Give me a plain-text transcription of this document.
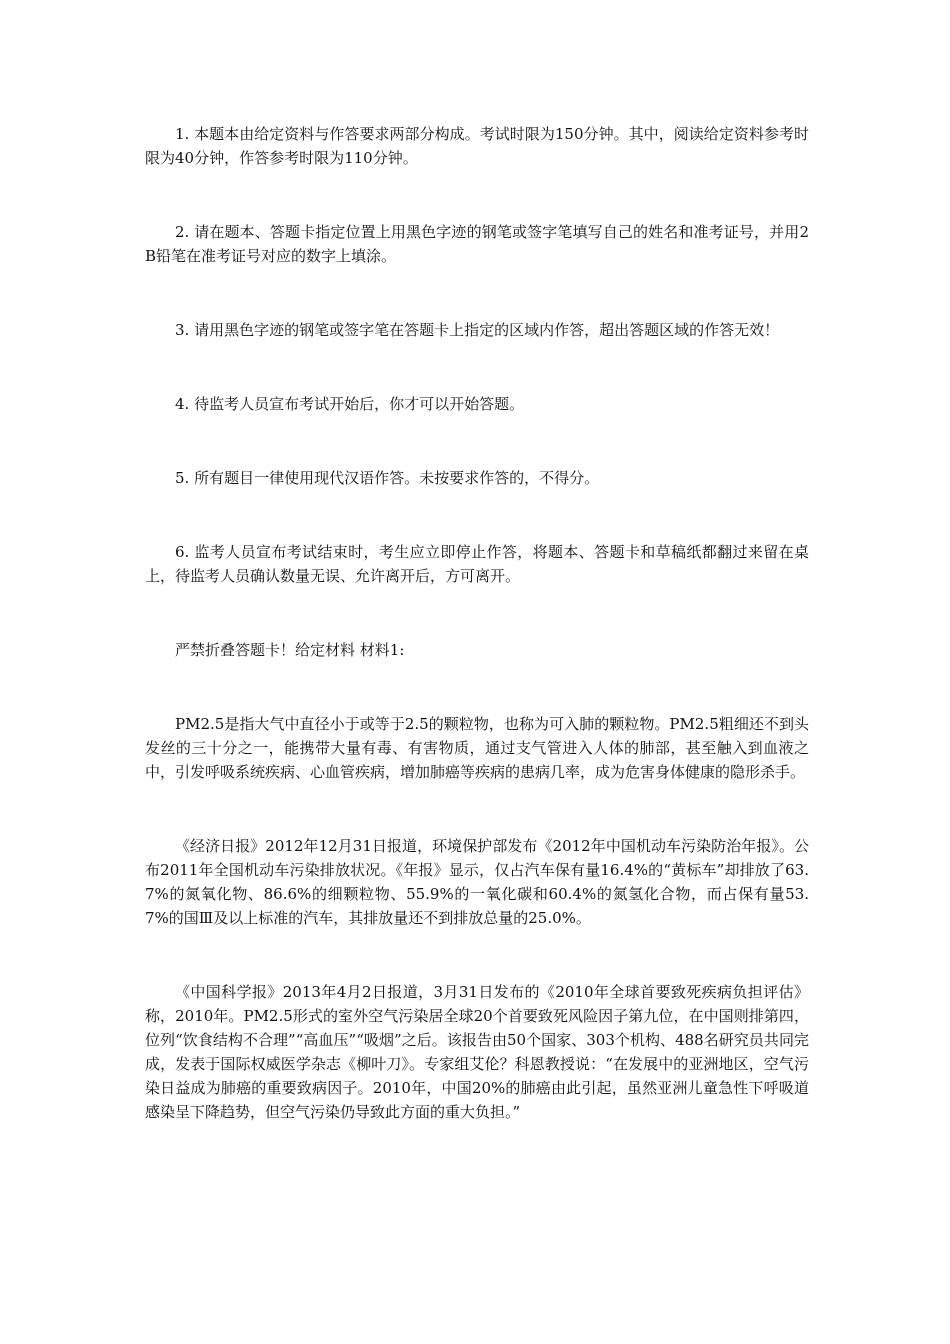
1. 本题本由给定资料与作答要求两部分构成。考试时限为150分钟。其中，阅读给定资料参考时限为40分钟，作答参考时限为110分钟。

2. 请在题本、答题卡指定位置上用黑色字迹的钢笔或签字笔填写自己的姓名和准考证号，并用2B铅笔在准考证号对应的数字上填涂。

3. 请用黑色字迹的钢笔或签字笔在答题卡上指定的区域内作答，超出答题区域的作答无效！

4. 待监考人员宣布考试开始后，你才可以开始答题。

5. 所有题目一律使用现代汉语作答。未按要求作答的，不得分。

6. 监考人员宣布考试结束时，考生应立即停止作答，将题本、答题卡和草稿纸都翻过来留在桌上，待监考人员确认数量无误、允许离开后，方可离开。

严禁折叠答题卡！给定材料 材料1:

PM2.5是指大气中直径小于或等于2.5的颗粒物，也称为可入肺的颗粒物。PM2.5粗细还不到头发丝的三十分之一，能携带大量有毒、有害物质，通过支气管进入人体的肺部，甚至触入到血液之中，引发呼吸系统疾病、心血管疾病，增加肺癌等疾病的患病几率，成为危害身体健康的隐形杀手。

《经济日报》2012年12月31日报道，环境保护部发布《2012年中国机动车污染防治年报》。公布2011年全国机动车污染排放状况。《年报》显示，仅占汽车保有量16.4%的“黄标车”却排放了63.7%的氮氧化物、86.6%的细颗粒物、55.9%的一氧化碳和60.4%的氮氢化合物，而占保有量53.7%的国Ⅲ及以上标准的汽车，其排放量还不到排放总量的25.0%。

《中国科学报》2013年4月2日报道，3月31日发布的《2010年全球首要致死疾病负担评估》称，2010年。PM2.5形式的室外空气污染居全球20个首要致死风险因子第九位，在中国则排第四，位列“饮食结构不合理”“高血压”“吸烟”之后。该报告由50个国家、303个机构、488名研究员共同完成，发表于国际权威医学杂志《柳叶刀》。专家组艾伦？科恩教授说：“在发展中的亚洲地区，空气污染日益成为肺癌的重要致病因子。2010年，中国20%的肺癌由此引起，虽然亚洲儿童急性下呼吸道感染呈下降趋势，但空气污染仍导致此方面的重大负担。”
